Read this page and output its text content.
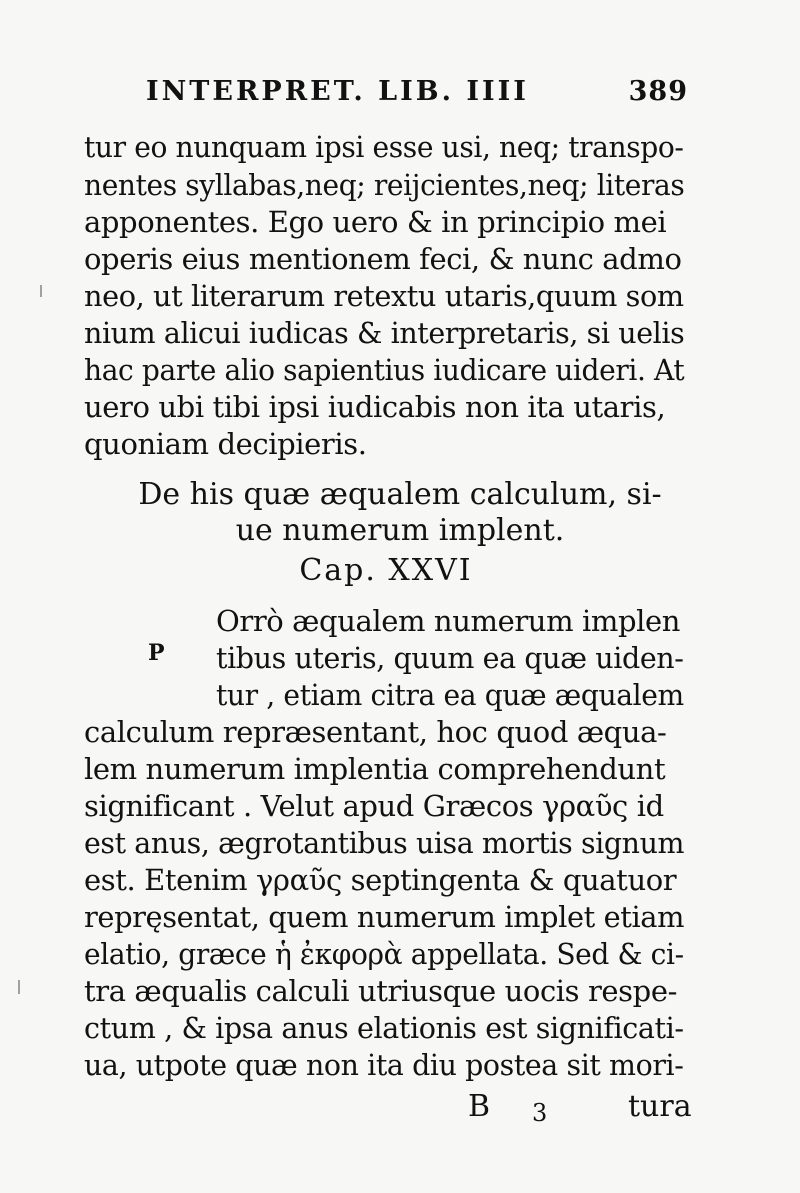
INTERPRET. LIB. IIII	389
tur eo nunquam ipsi esse usi, neq; transpo-
nentes syllabas,neq; reijcientes,neq; literas
apponentes. Ego uero & in principio mei
operis eius mentionem feci, & nunc admo
neo, ut literarum retextu utaris,quum som
nium alicui iudicas & interpretaris, si uelis
hac parte alio sapientius iudicare uideri. At
uero ubi tibi ipsi iudicabis non ita utaris,
quoniam decipieris.
De his quæ æqualem calculum, si-
ue numerum implent.
Cap. XXVI
P
Orrò æqualem numerum implen
tibus uteris, quum ea quæ uiden-
tur , etiam citra ea quæ æqualem
calculum repræsentant, hoc quod æqua-
lem numerum implentia comprehendunt
significant . Velut apud Græcos γραῦς id
est anus, ægrotantibus uisa mortis signum
est. Etenim γραῦς septingenta & quatuor
repręsentat, quem numerum implet etiam
elatio, græce ἡ ἐκφορὰ appellata. Sed & ci-
tra æqualis calculi utriusque uocis respe-
ctum , & ipsa anus elationis est significati-
ua, utpote quæ non ita diu postea sit mori-
B 3	tura
